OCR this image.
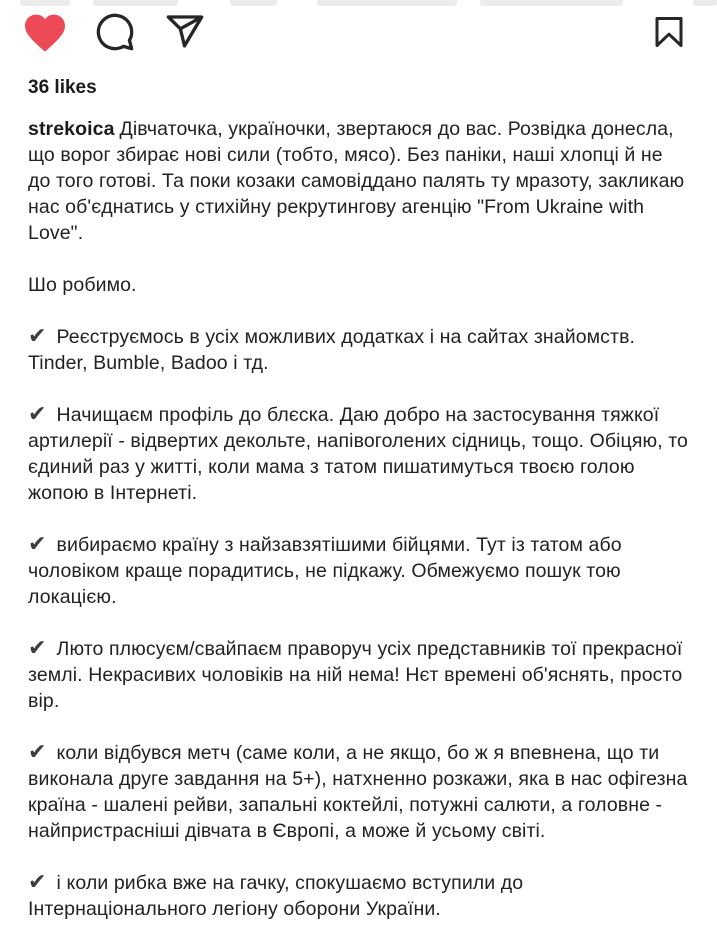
36 likes

strekoica Дівчаточка, україночки, звертаюся до вас. Розвідка донесла, що ворог збирає нові сили (тобто, мясо). Без паніки, наші хлопці й не до того готові. Та поки козаки самовіддано палять ту мразоту, закликаю нас об'єднатись у стихійну рекрутингову агенцію "From Ukraine with Love".

Шо робимо.

✔ Реєструємось в усіх можливих додатках і на сайтах знайомств. Tinder, Bumble, Badoo і тд.

✔ Начищаєм профіль до блєска. Даю добро на застосування тяжкої артилерії - відвертих декольте, напівоголених сідниць, тощо. Обіцяю, то єдиний раз у житті, коли мама з татом пишатимуться твоєю голою жопою в Інтернеті.

✔ вибираємо країну з найзавзятішими бійцями. Тут із татом або чоловіком краще порадитись, не підкажу. Обмежуємо пошук тою локацією.

✔ Люто плюсуєм/свайпаєм праворуч усіх представників тої прекрасної землі. Некрасивих чоловіків на ній нема! Нєт времені об'яснять, просто вір.

✔ коли відбувся метч (саме коли, а не якщо, бо ж я впевнена, що ти виконала друге завдання на 5+), натхненно розкажи, яка в нас офігезна країна - шалені рейви, запальні коктейлі, потужні салюти, а головне - найпристрасніші дівчата в Європі, а може й усьому світі.

✔ і коли рибка вже на гачку, спокушаємо вступили до Інтернаціонального легіону оборони України.
